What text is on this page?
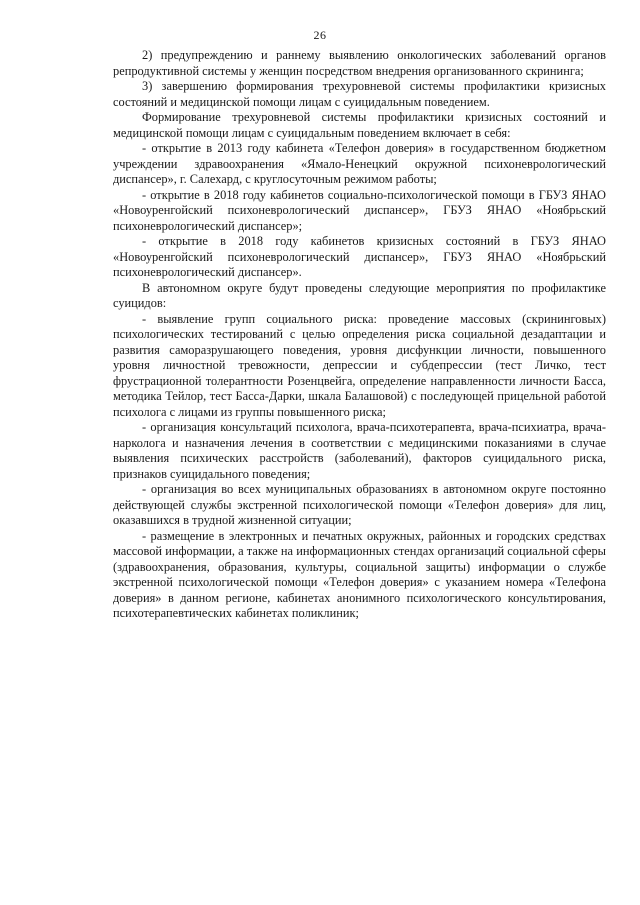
26

2) предупреждению и раннему выявлению онкологических заболеваний органов репродуктивной системы у женщин посредством внедрения организованного скрининга;

3) завершению формирования трехуровневой системы профилактики кризисных состояний и медицинской помощи лицам с суицидальным поведением.

Формирование трехуровневой системы профилактики кризисных состояний и медицинской помощи лицам с суицидальным поведением включает в себя:

- открытие в 2013 году кабинета «Телефон доверия» в государственном бюджетном учреждении здравоохранения «Ямало-Ненецкий окружной психоневрологический диспансер», г. Салехард, с круглосуточным режимом работы;

- открытие в 2018 году кабинетов социально-психологической помощи в ГБУЗ ЯНАО «Новоуренгойский психоневрологический диспансер», ГБУЗ ЯНАО «Ноябрьский психоневрологический диспансер»;

- открытие в 2018 году кабинетов кризисных состояний в ГБУЗ ЯНАО «Новоуренгойский психоневрологический диспансер», ГБУЗ ЯНАО «Ноябрьский психоневрологический диспансер».

В автономном округе будут проведены следующие мероприятия по профилактике суицидов:

- выявление групп социального риска: проведение массовых (скрининговых) психологических тестирований с целью определения риска социальной дезадаптации и развития саморазрушающего поведения, уровня дисфункции личности, повышенного уровня личностной тревожности, депрессии и субдепрессии (тест Личко, тест фрустрационной толерантности Розенцвейга, определение направленности личности Басса, методика Тейлор, тест Басса-Дарки, шкала Балашовой) с последующей прицельной работой психолога с лицами из группы повышенного риска;

- организация консультаций психолога, врача-психотерапевта, врача-психиатра, врача-нарколога и назначения лечения в соответствии с медицинскими показаниями в случае выявления психических расстройств (заболеваний), факторов суицидального риска, признаков суицидального поведения;

- организация во всех муниципальных образованиях в автономном округе постоянно действующей службы экстренной психологической помощи «Телефон доверия» для лиц, оказавшихся в трудной жизненной ситуации;

- размещение в электронных и печатных окружных, районных и городских средствах массовой информации, а также на информационных стендах организаций социальной сферы (здравоохранения, образования, культуры, социальной защиты) информации о службе экстренной психологической помощи «Телефон доверия» с указанием номера «Телефона доверия» в данном регионе, кабинетах анонимного психологического консультирования, психотерапевтических кабинетах поликлиник;
